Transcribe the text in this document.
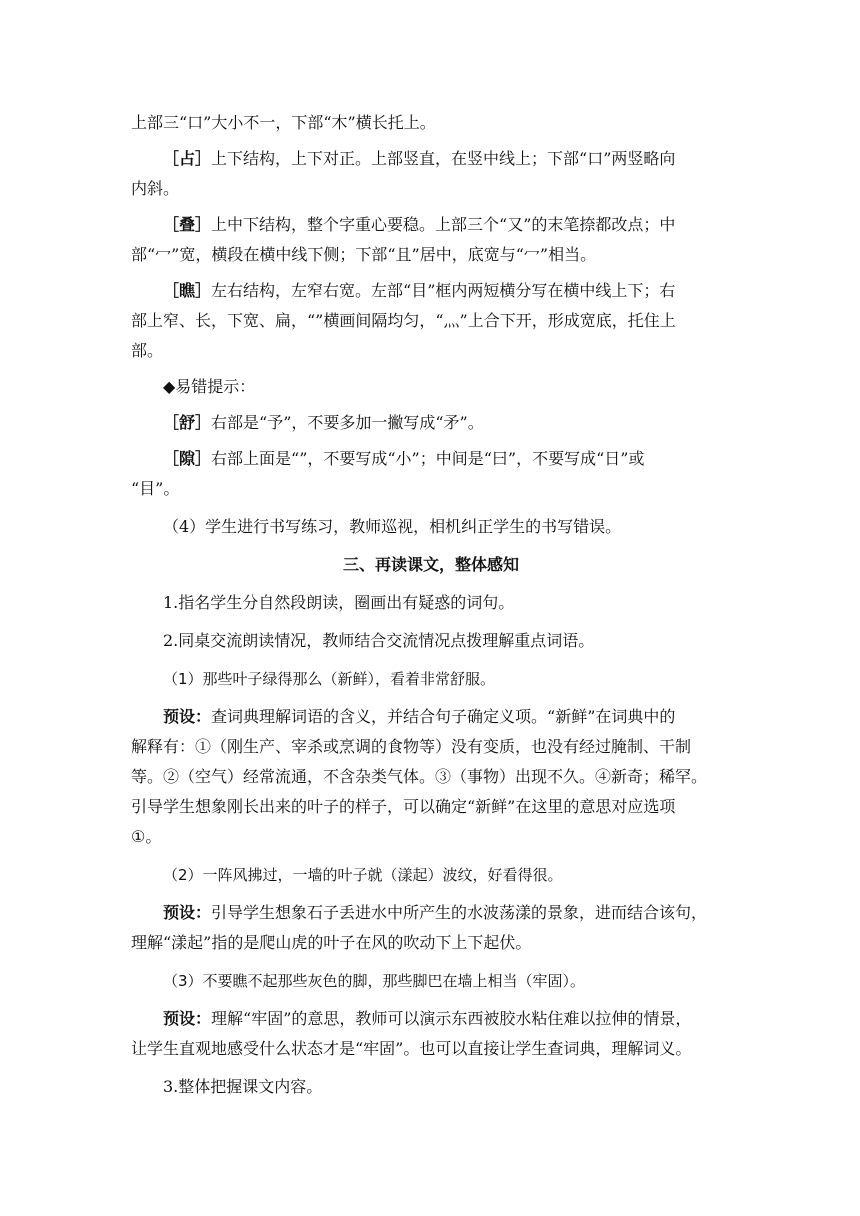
上部三“口”大小不一，下部“木”横长托上。
［占］上下结构，上下对正。上部竖直，在竖中线上；下部“口”两竖略向
内斜。
［叠］上中下结构，整个字重心要稳。上部三个“又”的末笔捺都改点；中
部“冖”宽，横段在横中线下侧；下部“且”居中，底宽与“冖”相当。
［瞧］左右结构，左窄右宽。左部“目”框内两短横分写在横中线上下；右
部上窄、长，下宽、扁，“”横画间隔均匀，“灬”上合下开，形成宽底，托住上
部。
◆易错提示：
［舒］右部是“予”，不要多加一撇写成“矛”。
［隙］右部上面是“”，不要写成“小”；中间是“曰”，不要写成“日”或
“目”。
（4）学生进行书写练习，教师巡视，相机纠正学生的书写错误。
三、再读课文，整体感知
1.指名学生分自然段朗读，圈画出有疑惑的词句。
2.同桌交流朗读情况，教师结合交流情况点拨理解重点词语。
（1）那些叶子绿得那么（新鲜），看着非常舒服。
预设：查词典理解词语的含义，并结合句子确定义项。“新鲜”在词典中的
解释有：①（刚生产、宰杀或烹调的食物等）没有变质，也没有经过腌制、干制
等。②（空气）经常流通，不含杂类气体。③（事物）出现不久。④新奇；稀罕。
引导学生想象刚长出来的叶子的样子，可以确定“新鲜”在这里的意思对应选项
①。
（2）一阵风拂过，一墙的叶子就（漾起）波纹，好看得很。
预设：引导学生想象石子丢进水中所产生的水波荡漾的景象，进而结合该句，
理解“漾起”指的是爬山虎的叶子在风的吹动下上下起伏。
（3）不要瞧不起那些灰色的脚，那些脚巴在墙上相当（牢固）。
预设：理解“牢固”的意思，教师可以演示东西被胶水粘住难以拉伸的情景，
让学生直观地感受什么状态才是“牢固”。也可以直接让学生查词典，理解词义。
3.整体把握课文内容。
